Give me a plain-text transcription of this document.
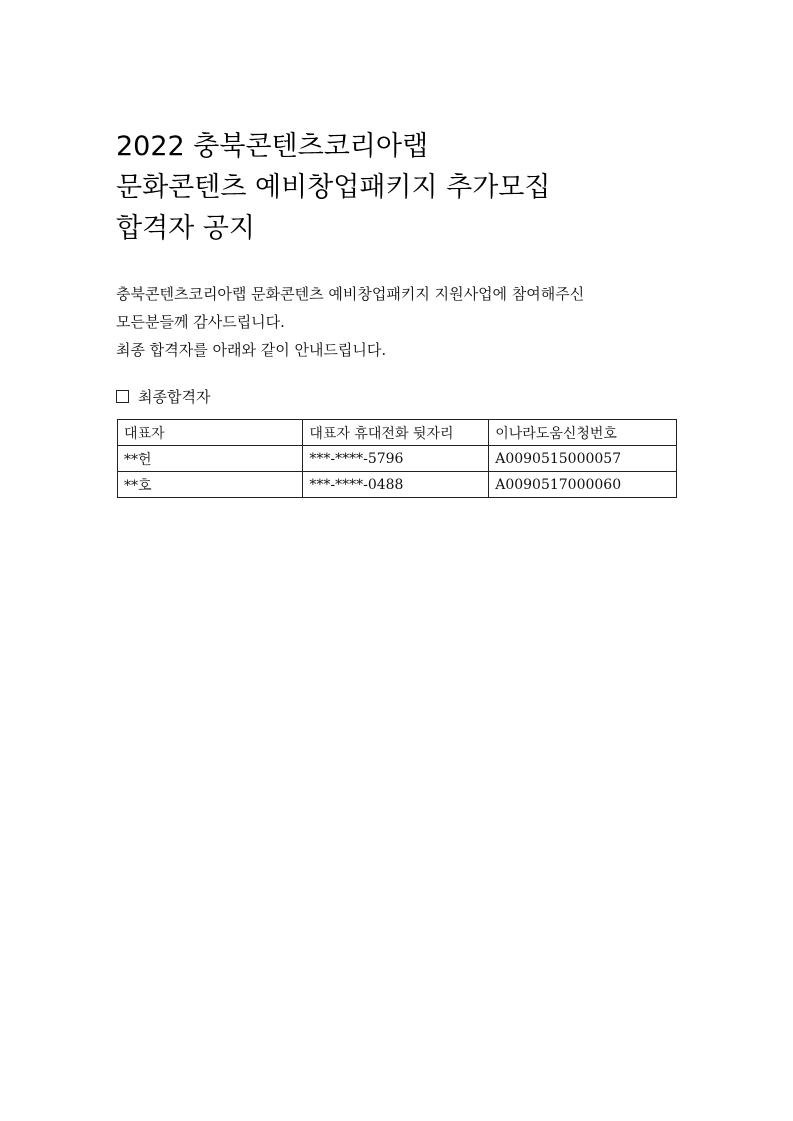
2022 충북콘텐츠코리아랩
문화콘텐츠 예비창업패키지 추가모집
합격자 공지

충북콘텐츠코리아랩 문화콘텐츠 예비창업패키지 지원사업에 참여해주신
모든분들께 감사드립니다.
최종 합격자를 아래와 같이 안내드립니다.

최종합격자

대표자	대표자 휴대전화 뒷자리	이나라도움신청번호
**헌	***-****-5796	A0090515000057
**호	***-****-0488	A0090517000060
